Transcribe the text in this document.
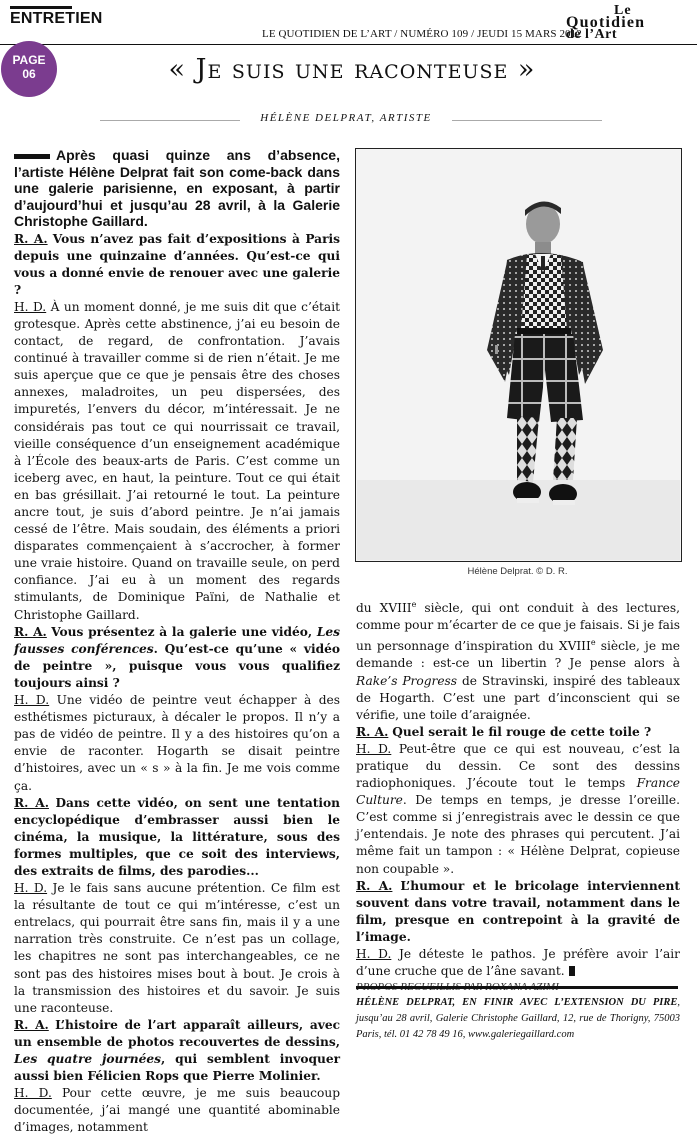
ENTRETIEN
LE QUOTIDIEN DE L’ART / NUMÉRO 109 / JEUDI 15 MARS 2012
Le
Quotidien
de l’Art
PAGE
06	« Je suis une raconteuse »
HÉLÈNE DELPRAT, ARTISTE

Après quasi quinze ans d’absence, l’artiste Hélène Delprat fait son come-back dans une galerie parisienne, en exposant, à partir d’aujourd’hui et jusqu’au 28 avril, à la Galerie Christophe Gaillard.

R. A. Vous n’avez pas fait d’expositions à Paris depuis une quinzaine d’années. Qu’est-ce qui vous a donné envie de renouer avec une galerie ?

H. D. À un moment donné, je me suis dit que c’était grotesque. Après cette abstinence, j’ai eu besoin de contact, de regard, de confrontation. J’avais continué à travailler comme si de rien n’était. Je me suis aperçue que ce que je pensais être des choses annexes, maladroites, un peu dispersées, des impuretés, l’envers du décor, m’intéressait. Je ne considérais pas tout ce qui nourrissait ce travail, vieille conséquence d’un enseignement académique à l’École des beaux-arts de Paris. C’est comme un iceberg avec, en haut, la peinture. Tout ce qui était en bas grésillait. J’ai retourné le tout. La peinture ancre tout, je suis d’abord peintre. Je n’ai jamais cessé de l’être. Mais soudain, des éléments a priori disparates commençaient à s’accrocher, à former une vraie histoire. Quand on travaille seule, on perd confiance. J’ai eu à un moment des regards stimulants, de Dominique Païni, de Nathalie et Christophe Gaillard.

R. A. Vous présentez à la galerie une vidéo, Les fausses conférences. Qu’est-ce qu’une « vidéo de peintre », puisque vous vous qualifiez toujours ainsi ?

H. D. Une vidéo de peintre veut échapper à des esthétismes picturaux, à décaler le propos. Il n’y a pas de vidéo de peintre. Il y a des histoires qu’on a envie de raconter. Hogarth se disait peintre d’histoires, avec un « s » à la fin. Je me vois comme ça.

R. A. Dans cette vidéo, on sent une tentation encyclopédique d’embrasser aussi bien le cinéma, la musique, la littérature, sous des formes multiples, que ce soit des interviews, des extraits de films, des parodies...

H. D. Je le fais sans aucune prétention. Ce film est la résultante de tout ce qui m’intéresse, c’est un entrelacs, qui pourrait être sans fin, mais il y a une narration très construite. Ce n’est pas un collage, les chapitres ne sont pas interchangeables, ce ne sont pas des histoires mises bout à bout. Je crois à la transmission des histoires et du savoir. Je suis une raconteuse.

R. A. L’histoire de l’art apparaît ailleurs, avec un ensemble de photos recouvertes de dessins, Les quatre journées, qui semblent invoquer aussi bien Félicien Rops que Pierre Molinier.

H. D. Pour cette œuvre, je me suis beaucoup documentée, j’ai mangé une quantité abominable d’images, notamment

Hélène Delprat. © D. R.

du XVIIIe siècle, qui ont conduit à des lectures, comme pour m’écarter de ce que je faisais. Si je fais un personnage d’inspiration du XVIIIe siècle, je me demande : est-ce un libertin ? Je pense alors à Rake’s Progress de Stravinski, inspiré des tableaux de Hogarth. C’est une part d’inconscient qui se vérifie, une toile d’araignée.

R. A. Quel serait le fil rouge de cette toile ?

H. D. Peut-être que ce qui est nouveau, c’est la pratique du dessin. Ce sont des dessins radiophoniques. J’écoute tout le temps France Culture. De temps en temps, je dresse l’oreille. C’est comme si j’enregistrais avec le dessin ce que j’entendais. Je note des phrases qui percutent. J’ai même fait un tampon : « Hélène Delprat, copieuse non coupable ».

R. A. L’humour et le bricolage interviennent souvent dans votre travail, notamment dans le film, presque en contrepoint à la gravité de l’image.

H. D. Je déteste le pathos. Je préfère avoir l’air d’une cruche que de l’âne savant.

HÉLÈNE DELPRAT, EN FINIR AVEC L’EXTENSION DU PIRE, jusqu’au 28 avril, Galerie Christophe Gaillard, 12, rue de Thorigny, 75003 Paris, tél. 01 42 78 49 16, www.galeriegaillard.com
